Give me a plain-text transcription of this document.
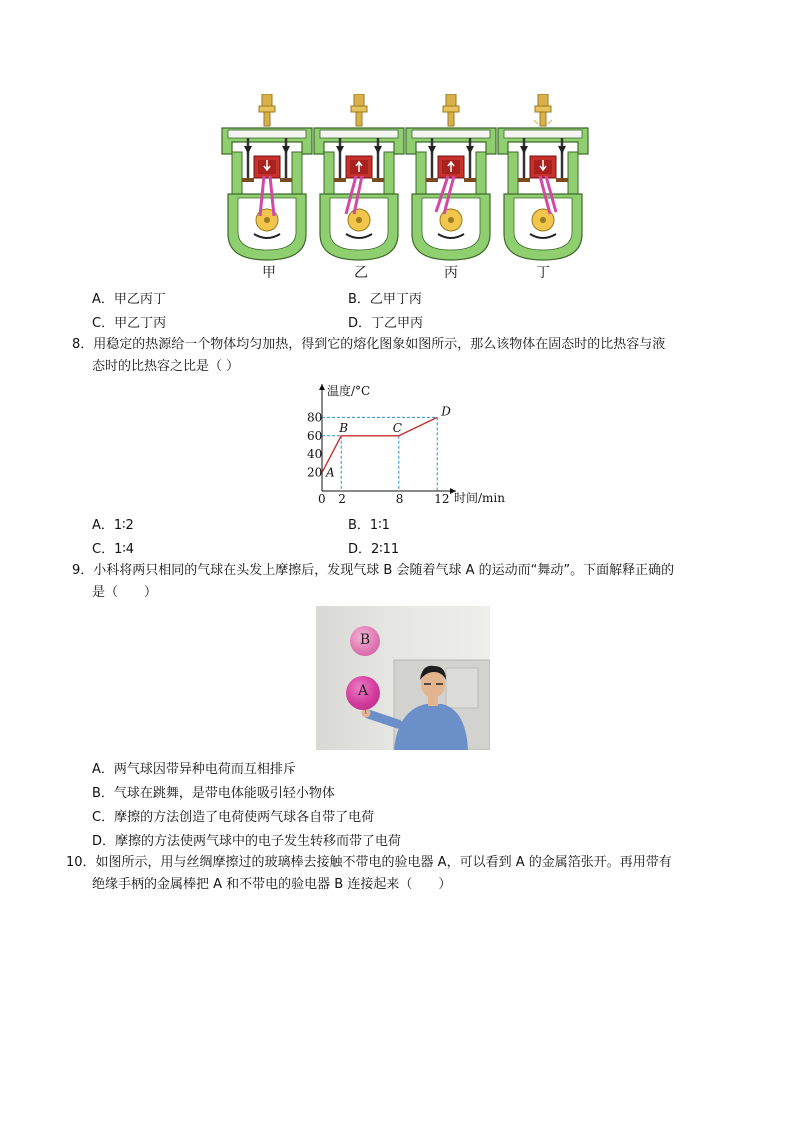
甲	乙	丙	丁
A．甲乙丙丁	B．乙甲丁丙
C．甲乙丁丙	D．丁乙甲丙
8．用稳定的热源给一个物体均匀加热，得到它的熔化图象如图所示，那么该物体在固态时的比热容与液
态时的比热容之比是（ ）
温度/°C
时间/min
0 2	8	12
20
40
60
80
A
B	C
D
A．1∶2	B．1∶1
C．1∶4	D．2∶11
9．小科将两只相同的气球在头发上摩擦后，发现气球 B 会随着气球 A 的运动而“舞动”。下面解释正确的
是（　　）
B
A
A．两气球因带异种电荷而互相排斥
B．气球在跳舞，是带电体能吸引轻小物体
C．摩擦的方法创造了电荷使两气球各自带了电荷
D．摩擦的方法使两气球中的电子发生转移而带了电荷
10．如图所示，用与丝绸摩擦过的玻璃棒去接触不带电的验电器 A，可以看到 A 的金属箔张开。再用带有
绝缘手柄的金属棒把 A 和不带电的验电器 B 连接起来（　　）
